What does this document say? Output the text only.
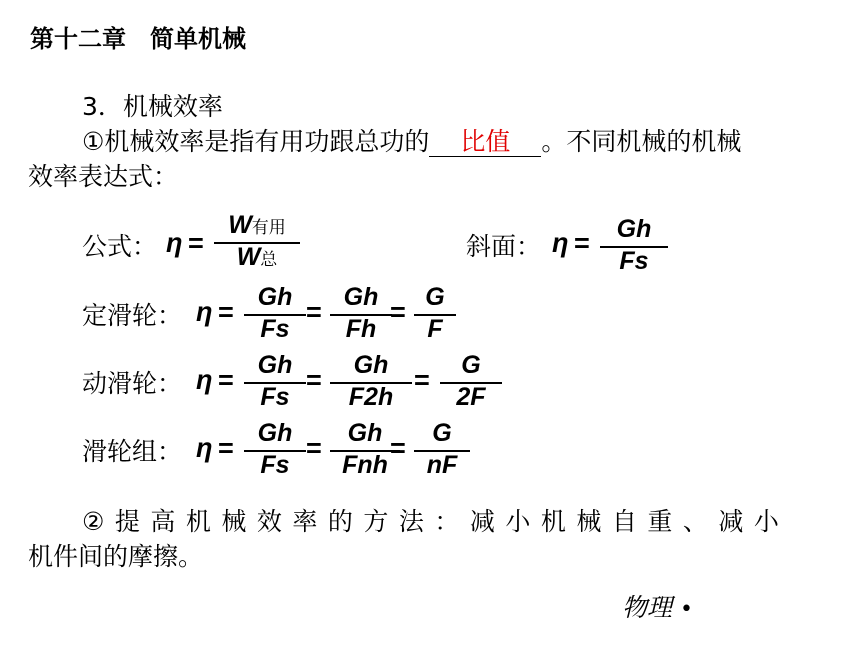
第十二章　简单机械
3．机械效率
①机械效率是指有用功跟总功的 比值 。不同机械的机械
效率表达式：
公式： η =
W有用
W总	斜面： η =	Gh
Fs
定滑轮： η = Gh
Fs
= Gh
Fh
= G
F
动滑轮： η = Gh
Fs
=	Gh
F2h
=	G
2F
滑轮组： η = Gh
Fs
=	Gh
Fnh
=	G
nF
②提高机械效率的方法：减小机械自重、减小
机件间的摩擦。
物理 •
